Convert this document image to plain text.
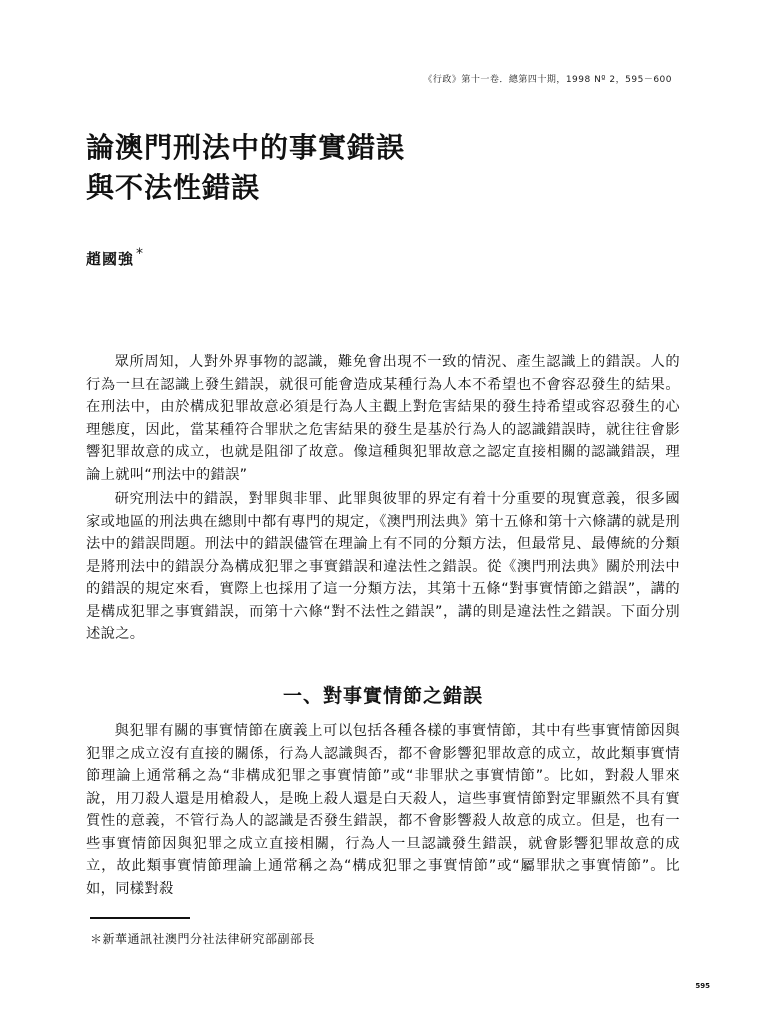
《行政》第十一卷．總第四十期，1998 Nº 2，595－600
論澳門刑法中的事實錯誤
與不法性錯誤
趙國強 *

眾所周知，人對外界事物的認識，難免會出現不一致的情況、產生認識上的錯誤。人的行為一旦在認識上發生錯誤，就很可能會造成某種行為人本不希望也不會容忍發生的結果。在刑法中，由於構成犯罪故意必須是行為人主觀上對危害結果的發生持希望或容忍發生的心理態度，因此，當某種符合罪狀之危害結果的發生是基於行為人的認識錯誤時，就往往會影響犯罪故意的成立，也就是阻卻了故意。像這種與犯罪故意之認定直接相關的認識錯誤，理論上就叫“刑法中的錯誤”

研究刑法中的錯誤，對罪與非罪、此罪與彼罪的界定有着十分重要的現實意義，很多國家或地區的刑法典在總則中都有專門的規定，《澳門刑法典》第十五條和第十六條講的就是刑法中的錯誤問題。刑法中的錯誤儘管在理論上有不同的分類方法，但最常見、最傳統的分類是將刑法中的錯誤分為構成犯罪之事實錯誤和違法性之錯誤。從《澳門刑法典》關於刑法中的錯誤的規定來看，實際上也採用了這一分類方法，其第十五條“對事實情節之錯誤”，講的是構成犯罪之事實錯誤，而第十六條“對不法性之錯誤”，講的則是違法性之錯誤。下面分別述說之。

一、對事實情節之錯誤

與犯罪有關的事實情節在廣義上可以包括各種各樣的事實情節，其中有些事實情節因與犯罪之成立沒有直接的關係，行為人認識與否，都不會影響犯罪故意的成立，故此類事實情節理論上通常稱之為“非構成犯罪之事實情節”或“非罪狀之事實情節”。比如，對殺人罪來說，用刀殺人還是用槍殺人，是晚上殺人還是白天殺人，這些事實情節對定罪顯然不具有實質性的意義，不管行為人的認識是否發生錯誤，都不會影響殺人故意的成立。但是，也有一些事實情節因與犯罪之成立直接相關，行為人一旦認識發生錯誤，就會影響犯罪故意的成立，故此類事實情節理論上通常稱之為“構成犯罪之事實情節”或“屬罪狀之事實情節”。比如，同樣對殺

＊新華通訊社澳門分社法律研究部副部長
595
